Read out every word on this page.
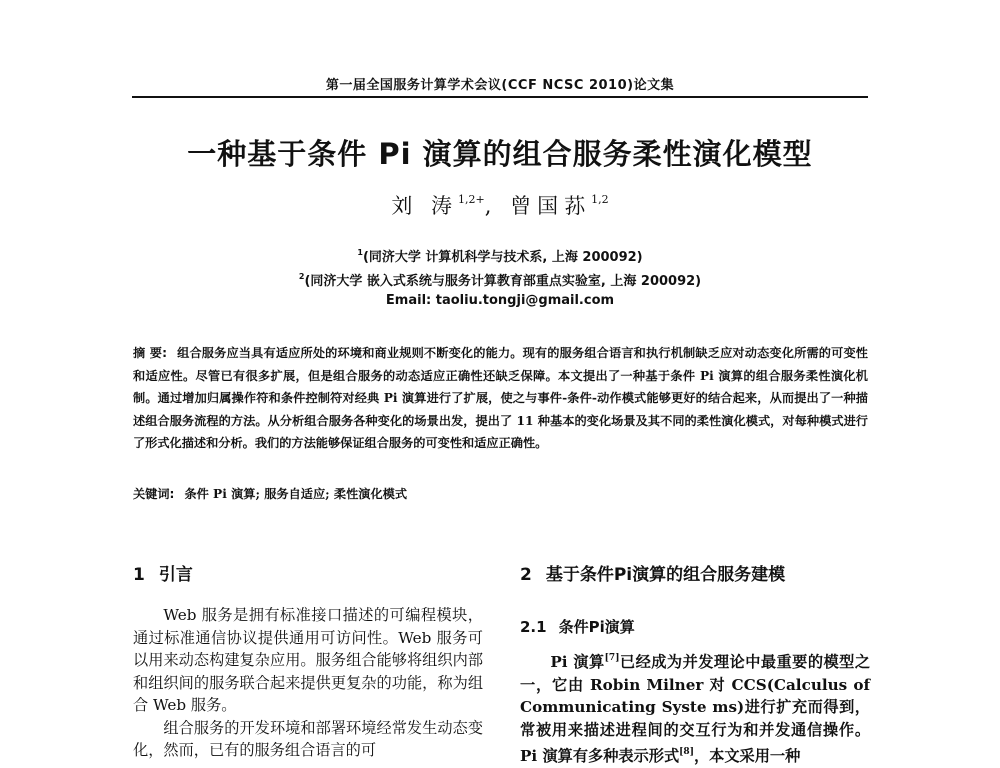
第一届全国服务计算学术会议(CCF NCSC 2010)论文集
一种基于条件 Pi 演算的组合服务柔性演化模型
刘 涛$^{1,2+}$, 曾国荪$^{1,2}$
$^1$(同济大学 计算机科学与技术系, 上海 200092)
$^2$(同济大学 嵌入式系统与服务计算教育部重点实验室, 上海 200092)
Email: taoliu.tongji@gmail.com
摘 要: 组合服务应当具有适应所处的环境和商业规则不断变化的能力。现有的服务组合语言和执行机制缺乏应对动态变化所需的可变性和适应性。尽管已有很多扩展，但是组合服务的动态适应正确性还缺乏保障。本文提出了一种基于条件 Pi 演算的组合服务柔性演化机制。通过增加归属操作符和条件控制符对经典 Pi 演算进行了扩展，使之与事件-条件-动作模式能够更好的结合起来，从而提出了一种描述组合服务流程的方法。从分析组合服务各种变化的场景出发，提出了 11 种基本的变化场景及其不同的柔性演化模式，对每种模式进行了形式化描述和分析。我们的方法能够保证组合服务的可变性和适应正确性。
关键词: 条件 Pi 演算; 服务自适应; 柔性演化模式
1 引言

Web 服务是拥有标准接口描述的可编程模块，通过标准通信协议提供通用可访问性。Web 服务可以用来动态构建复杂应用。服务组合能够将组织内部和组织间的服务联合起来提供更复杂的功能，称为组合 Web 服务。

组合服务的开发环境和部署环境经常发生动态变化，然而，已有的服务组合语言的可

2 基于条件Pi演算的组合服务建模
2.1 条件Pi演算

Pi 演算[7]已经成为并发理论中最重要的模型之一，它由 Robin Milner 对 CCS(Calculus of Communicating Syste ms)进行扩充而得到，常被用来描述进程间的交互行为和并发通信操作。Pi 演算有多种表示形式[8]，本文采用一种
